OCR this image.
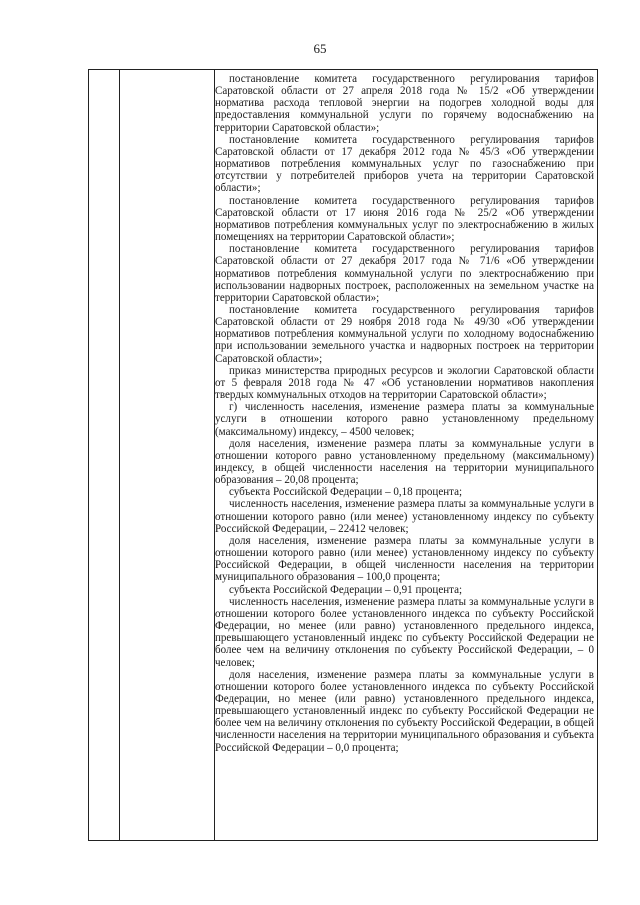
65

постановление комитета государственного регулирования тарифов Саратовской области от 27 апреля 2018 года № 15/2 «Об утверждении норматива расхода тепловой энергии на подогрев холодной воды для предоставления коммунальной услуги по горячему водоснабжению на территории Саратовской области»;

постановление комитета государственного регулирования тарифов Саратовской области от 17 декабря 2012 года № 45/3 «Об утверждении нормативов потребления коммунальных услуг по газоснабжению при отсутствии у потребителей приборов учета на территории Саратовской области»;

постановление комитета государственного регулирования тарифов Саратовской области от 17 июня 2016 года № 25/2 «Об утверждении нормативов потребления коммунальных услуг по электроснабжению в жилых помещениях на территории Саратовской области»;

постановление комитета государственного регулирования тарифов Саратовской области от 27 декабря 2017 года № 71/6 «Об утверждении нормативов потребления коммунальной услуги по электроснабжению при использовании надворных построек, расположенных на земельном участке на территории Саратовской области»;

постановление комитета государственного регулирования тарифов Саратовской области от 29 ноября 2018 года № 49/30 «Об утверждении нормативов потребления коммунальной услуги по холодному водоснабжению при использовании земельного участка и надворных построек на территории Саратовской области»;

приказ министерства природных ресурсов и экологии Саратовской области от 5 февраля 2018 года № 47 «Об установлении нормативов накопления твердых коммунальных отходов на территории Саратовской области»;

г) численность населения, изменение размера платы за коммунальные услуги в отношении которого равно установленному предельному (максимальному) индексу, – 4500 человек;

доля населения, изменение размера платы за коммунальные услуги в отношении которого равно установленному предельному (максимальному) индексу, в общей численности населения на территории муниципального образования – 20,08 процента;

субъекта Российской Федерации – 0,18 процента;

численность населения, изменение размера платы за коммунальные услуги в отношении которого равно (или менее) установленному индексу по субъекту Российской Федерации, – 22412 человек;

доля населения, изменение размера платы за коммунальные услуги в отношении которого равно (или менее) установленному индексу по субъекту Российской Федерации, в общей численности населения на территории муниципального образования – 100,0 процента;

субъекта Российской Федерации – 0,91 процента;

численность населения, изменение размера платы за коммунальные услуги в отношении которого более установленного индекса по субъекту Российской Федерации, но менее (или равно) установленного предельного индекса, превышающего установленный индекс по субъекту Российской Федерации не более чем на величину отклонения по субъекту Российской Федерации, – 0 человек;

доля населения, изменение размера платы за коммунальные услуги в отношении которого более установленного индекса по субъекту Российской Федерации, но менее (или равно) установленного предельного индекса, превышающего установленный индекс по субъекту Российской Федерации не более чем на величину отклонения по субъекту Российской Федерации, в общей численности населения на территории муниципального образования и субъекта Российской Федерации – 0,0 процента;
